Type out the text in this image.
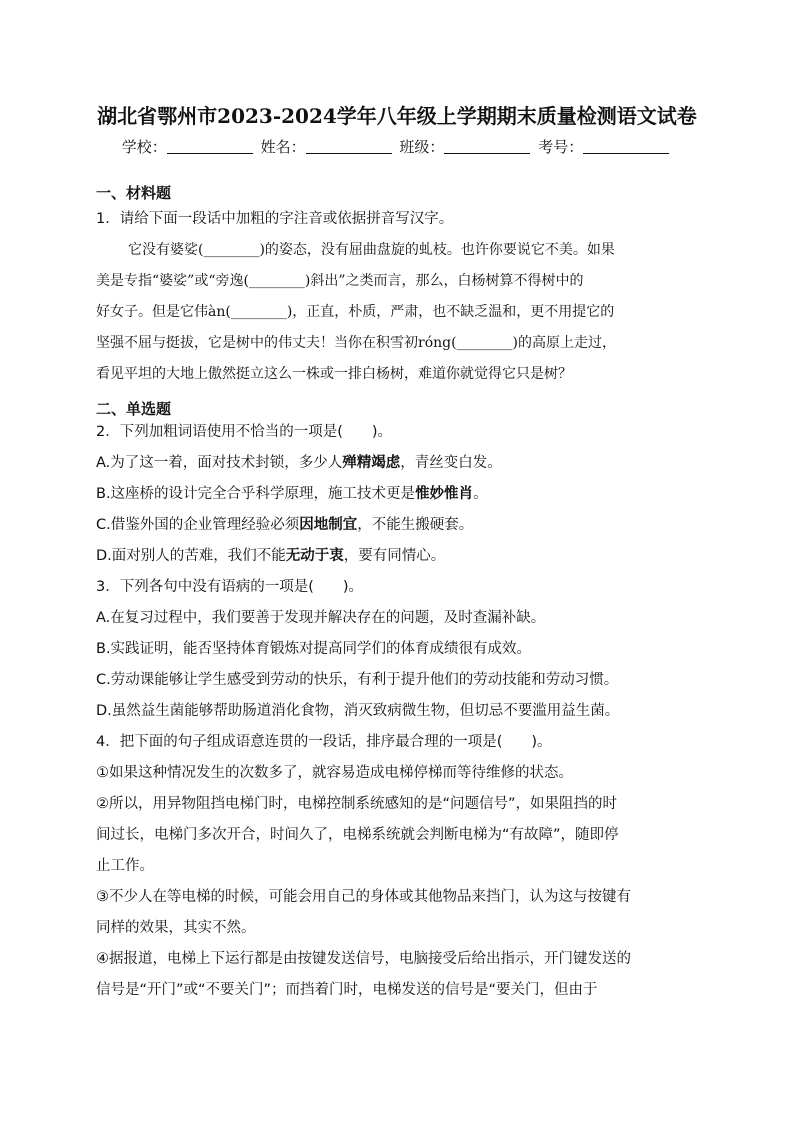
湖北省鄂州市2023-2024学年八年级上学期期末质量检测语文试卷
学校：	姓名：	班级：	考号：
一、材料题
1．请给下面一段话中加粗的字注音或依据拼音写汉字。
它没有婆娑(________)的姿态，没有屈曲盘旋的虬枝。也许你要说它不美。如果
美是专指“婆娑”或“旁逸(________)斜出”之类而言，那么，白杨树算不得树中的
好女子。但是它伟àn(________)，正直，朴质，严肃，也不缺乏温和，更不用提它的
坚强不屈与挺拔，它是树中的伟丈夫！当你在积雪初róng(________)的高原上走过，
看见平坦的大地上傲然挺立这么一株或一排白杨树，难道你就觉得它只是树？
二、单选题
2．下列加粗词语使用不恰当的一项是(　　)。
A.为了这一着，面对技术封锁，多少人殚精竭虑，青丝变白发。
B.这座桥的设计完全合乎科学原理，施工技术更是惟妙惟肖。
C.借鉴外国的企业管理经验必须因地制宜，不能生搬硬套。
D.面对别人的苦难，我们不能无动于衷，要有同情心。
3．下列各句中没有语病的一项是(　　)。
A.在复习过程中，我们要善于发现并解决存在的问题，及时查漏补缺。
B.实践证明，能否坚持体育锻炼对提高同学们的体育成绩很有成效。
C.劳动课能够让学生感受到劳动的快乐，有利于提升他们的劳动技能和劳动习惯。
D.虽然益生菌能够帮助肠道消化食物，消灭致病微生物，但切忌不要滥用益生菌。
4．把下面的句子组成语意连贯的一段话，排序最合理的一项是(　　)。
①如果这种情况发生的次数多了，就容易造成电梯停梯而等待维修的状态。
②所以，用异物阻挡电梯门时，电梯控制系统感知的是“问题信号”，如果阻挡的时
间过长，电梯门多次开合，时间久了，电梯系统就会判断电梯为“有故障”，随即停
止工作。
③不少人在等电梯的时候，可能会用自己的身体或其他物品来挡门，认为这与按键有
同样的效果，其实不然。
④据报道，电梯上下运行都是由按键发送信号，电脑接受后给出指示，开门键发送的
信号是“开门”或“不要关门”；而挡着门时，电梯发送的信号是“要关门，但由于
